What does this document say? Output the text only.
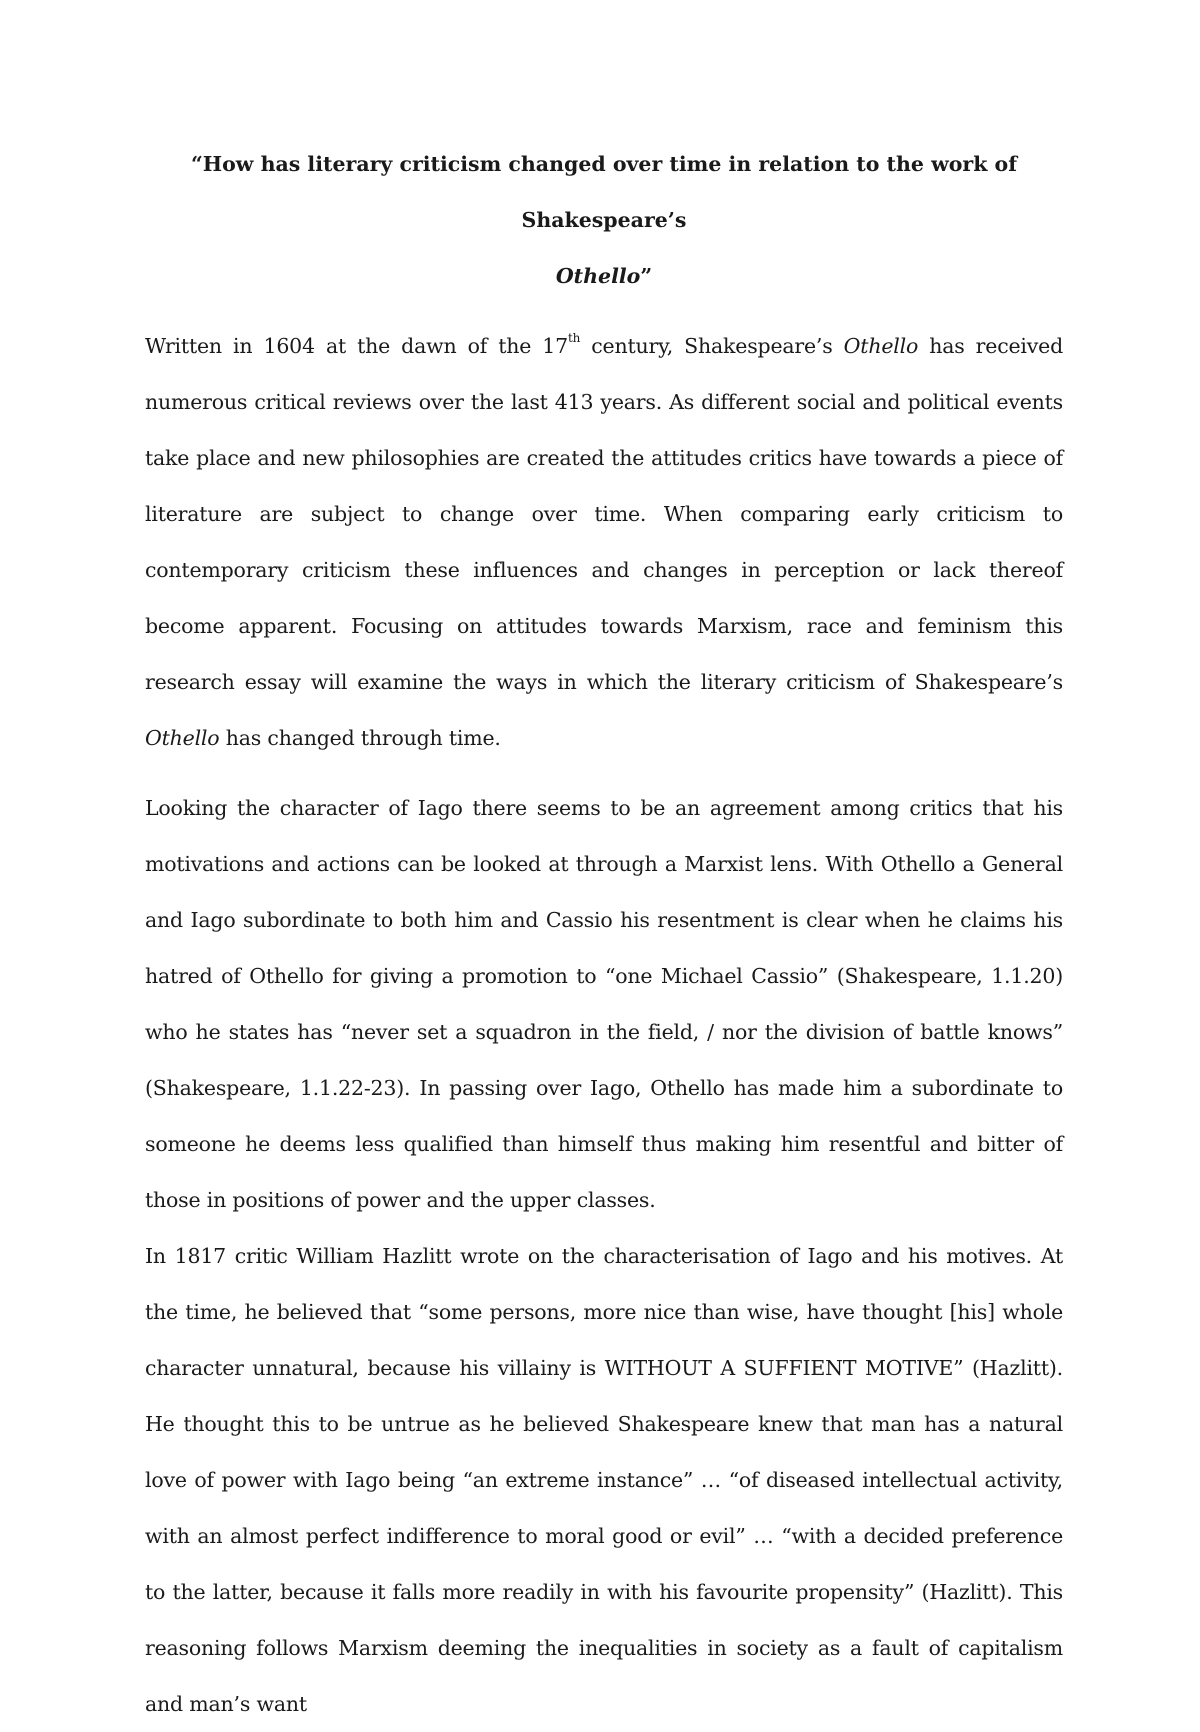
“How has literary criticism changed over time in relation to the work of Shakespeare’s
Othello”

Written in 1604 at the dawn of the 17th century, Shakespeare’s Othello has received numerous critical reviews over the last 413 years. As different social and political events take place and new philosophies are created the attitudes critics have towards a piece of literature are subject to change over time. When comparing early criticism to contemporary criticism these influences and changes in perception or lack thereof become apparent. Focusing on attitudes towards Marxism, race and feminism this research essay will examine the ways in which the literary criticism of Shakespeare’s Othello has changed through time.

Looking the character of Iago there seems to be an agreement among critics that his motivations and actions can be looked at through a Marxist lens. With Othello a General and Iago subordinate to both him and Cassio his resentment is clear when he claims his hatred of Othello for giving a promotion to “one Michael Cassio” (Shakespeare, 1.1.20) who he states has “never set a squadron in the field, / nor the division of battle knows” (Shakespeare, 1.1.22-23). In passing over Iago, Othello has made him a subordinate to someone he deems less qualified than himself thus making him resentful and bitter of those in positions of power and the upper classes.

In 1817 critic William Hazlitt wrote on the characterisation of Iago and his motives. At the time, he believed that “some persons, more nice than wise, have thought [his] whole character unnatural, because his villainy is WITHOUT A SUFFIENT MOTIVE” (Hazlitt). He thought this to be untrue as he believed Shakespeare knew that man has a natural love of power with Iago being “an extreme instance” … “of diseased intellectual activity, with an almost perfect indifference to moral good or evil” … “with a decided preference to the latter, because it falls more readily in with his favourite propensity” (Hazlitt). This reasoning follows Marxism deeming the inequalities in society as a fault of capitalism and man’s want
